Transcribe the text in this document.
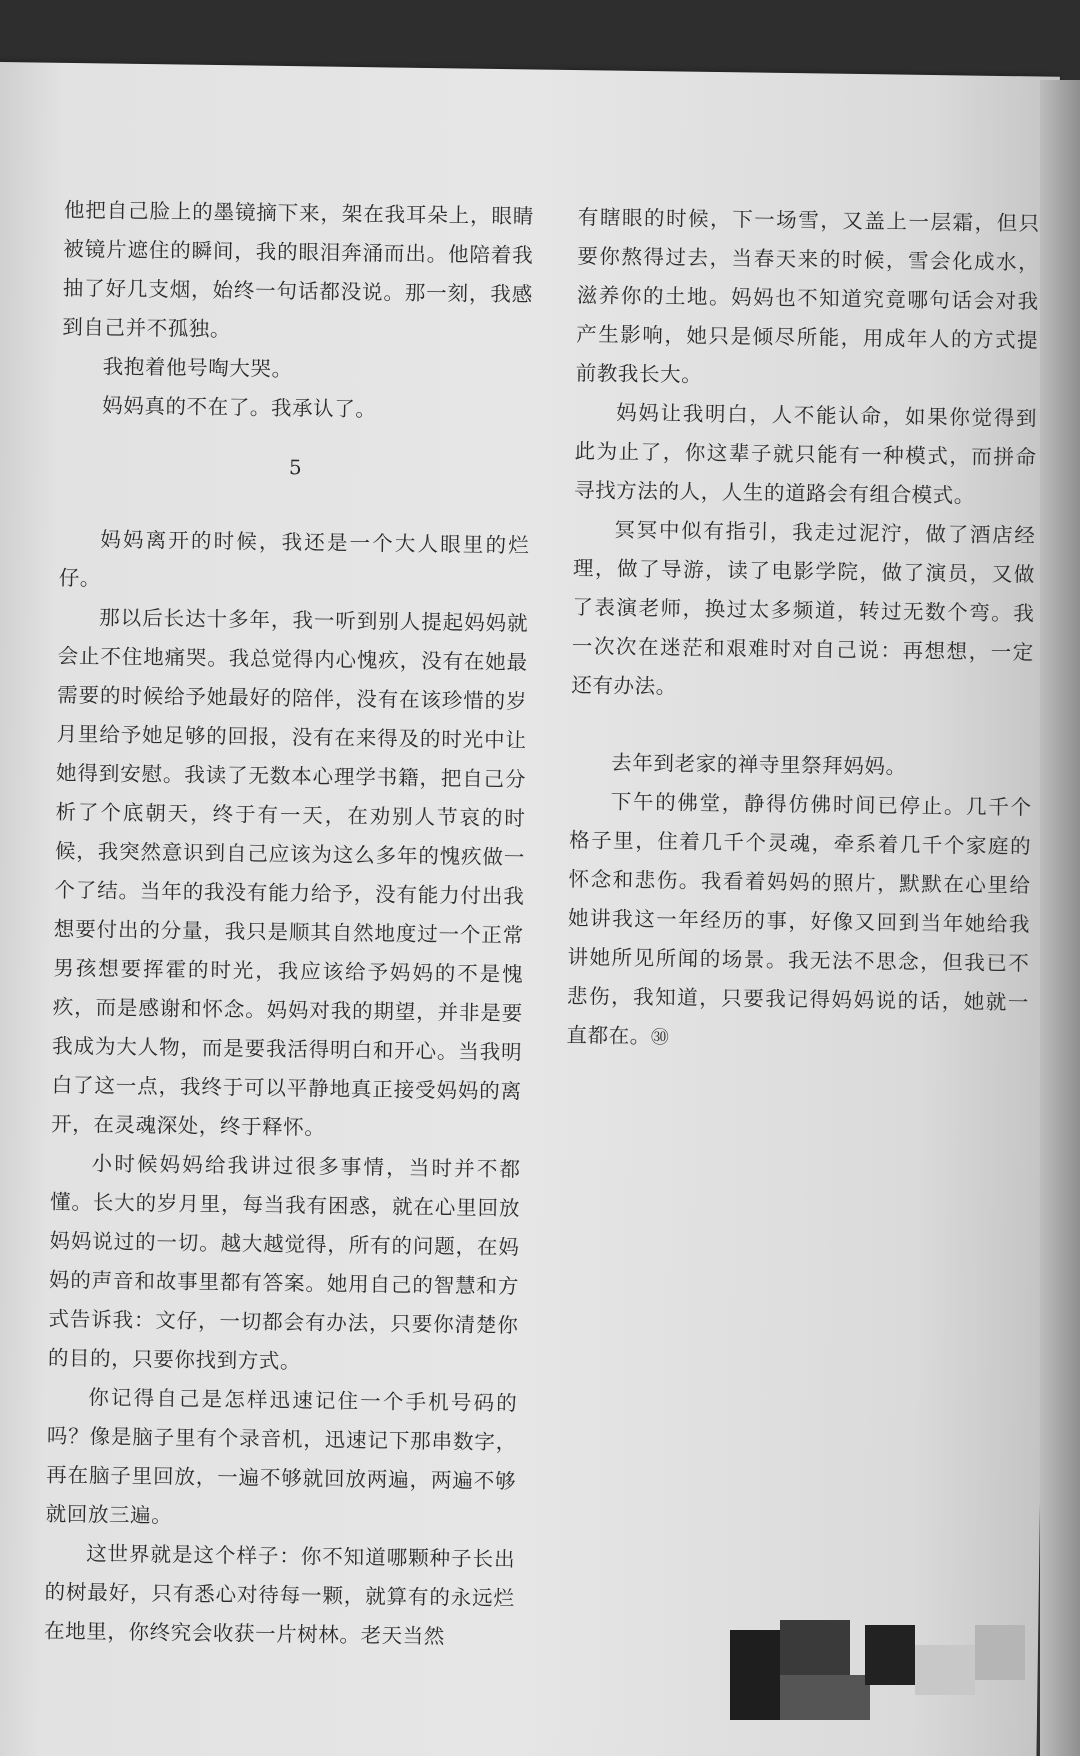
他把自己脸上的墨镜摘下来，架在我耳朵上，眼睛被镜片遮住的瞬间，我的眼泪奔涌而出。他陪着我抽了好几支烟，始终一句话都没说。那一刻，我感到自己并不孤独。

我抱着他号啕大哭。

妈妈真的不在了。我承认了。

5

妈妈离开的时候，我还是一个大人眼里的烂仔。

那以后长达十多年，我一听到别人提起妈妈就会止不住地痛哭。我总觉得内心愧疚，没有在她最需要的时候给予她最好的陪伴，没有在该珍惜的岁月里给予她足够的回报，没有在来得及的时光中让她得到安慰。我读了无数本心理学书籍，把自己分析了个底朝天，终于有一天，在劝别人节哀的时候，我突然意识到自己应该为这么多年的愧疚做一个了结。当年的我没有能力给予，没有能力付出我想要付出的分量，我只是顺其自然地度过一个正常男孩想要挥霍的时光，我应该给予妈妈的不是愧疚，而是感谢和怀念。妈妈对我的期望，并非是要我成为大人物，而是要我活得明白和开心。当我明白了这一点，我终于可以平静地真正接受妈妈的离开，在灵魂深处，终于释怀。

小时候妈妈给我讲过很多事情，当时并不都懂。长大的岁月里，每当我有困惑，就在心里回放妈妈说过的一切。越大越觉得，所有的问题，在妈妈的声音和故事里都有答案。她用自己的智慧和方式告诉我：文仔，一切都会有办法，只要你清楚你的目的，只要你找到方式。

你记得自己是怎样迅速记住一个手机号码的吗？像是脑子里有个录音机，迅速记下那串数字，再在脑子里回放，一遍不够就回放两遍，两遍不够就回放三遍。

这世界就是这个样子：你不知道哪颗种子长出的树最好，只有悉心对待每一颗，就算有的永远烂在地里，你终究会收获一片树林。老天当然

有瞎眼的时候，下一场雪，又盖上一层霜，但只要你熬得过去，当春天来的时候，雪会化成水，滋养你的土地。妈妈也不知道究竟哪句话会对我产生影响，她只是倾尽所能，用成年人的方式提前教我长大。

妈妈让我明白，人不能认命，如果你觉得到此为止了，你这辈子就只能有一种模式，而拼命寻找方法的人，人生的道路会有组合模式。

冥冥中似有指引，我走过泥泞，做了酒店经理，做了导游，读了电影学院，做了演员，又做了表演老师，换过太多频道，转过无数个弯。我一次次在迷茫和艰难时对自己说：再想想，一定还有办法。

去年到老家的禅寺里祭拜妈妈。

下午的佛堂，静得仿佛时间已停止。几千个格子里，住着几千个灵魂，牵系着几千个家庭的怀念和悲伤。我看着妈妈的照片，默默在心里给她讲我这一年经历的事，好像又回到当年她给我讲她所见所闻的场景。我无法不思念，但我已不悲伤，我知道，只要我记得妈妈说的话，她就一直都在。㉚
